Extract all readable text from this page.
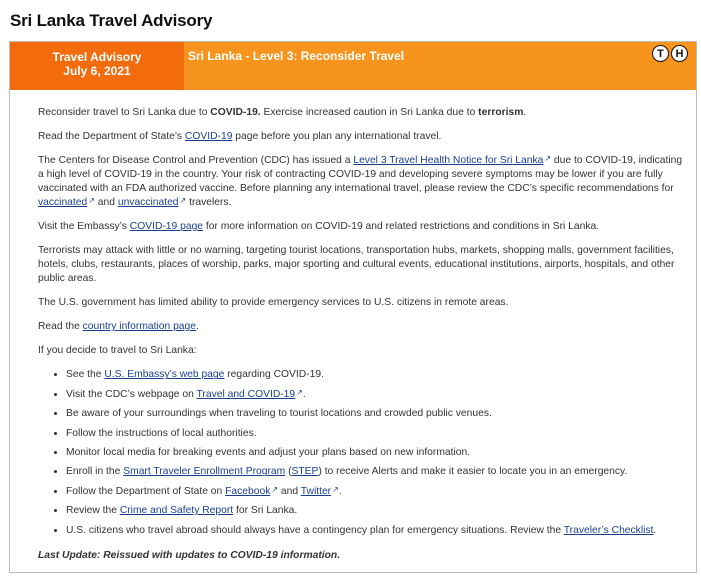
Sri Lanka Travel Advisory
Travel Advisory
July 6, 2021
Sri Lanka - Level 3: Reconsider Travel	T	H

Reconsider travel to Sri Lanka due to COVID-19. Exercise increased caution in Sri Lanka due to terrorism.

Read the Department of State’s COVID-19 page before you plan any international travel.

The Centers for Disease Control and Prevention (CDC) has issued a Level 3 Travel Health Notice for Sri Lanka↗ due to COVID-19, indicating a high level of COVID-19 in the country. Your risk of contracting COVID-19 and developing severe symptoms may be lower if you are fully vaccinated with an FDA authorized vaccine. Before planning any international travel, please review the CDC’s specific recommendations for vaccinated↗ and unvaccinated↗ travelers.

Visit the Embassy’s COVID-19 page for more information on COVID-19 and related restrictions and conditions in Sri Lanka.

Terrorists may attack with little or no warning, targeting tourist locations, transportation hubs, markets, shopping malls, government facilities, hotels, clubs, restaurants, places of worship, parks, major sporting and cultural events, educational institutions, airports, hospitals, and other public areas.

The U.S. government has limited ability to provide emergency services to U.S. citizens in remote areas.

Read the country information page.

If you decide to travel to Sri Lanka:

• See the U.S. Embassy’s web page regarding COVID-19.
• Visit the CDC’s webpage on Travel and COVID-19↗.
• Be aware of your surroundings when traveling to tourist locations and crowded public venues.
• Follow the instructions of local authorities.
• Monitor local media for breaking events and adjust your plans based on new information.
• Enroll in the Smart Traveler Enrollment Program (STEP) to receive Alerts and make it easier to locate you in an emergency.
• Follow the Department of State on Facebook↗ and Twitter↗.
• Review the Crime and Safety Report for Sri Lanka.
• U.S. citizens who travel abroad should always have a contingency plan for emergency situations. Review the Traveler’s Checklist.

Last Update: Reissued with updates to COVID-19 information.
